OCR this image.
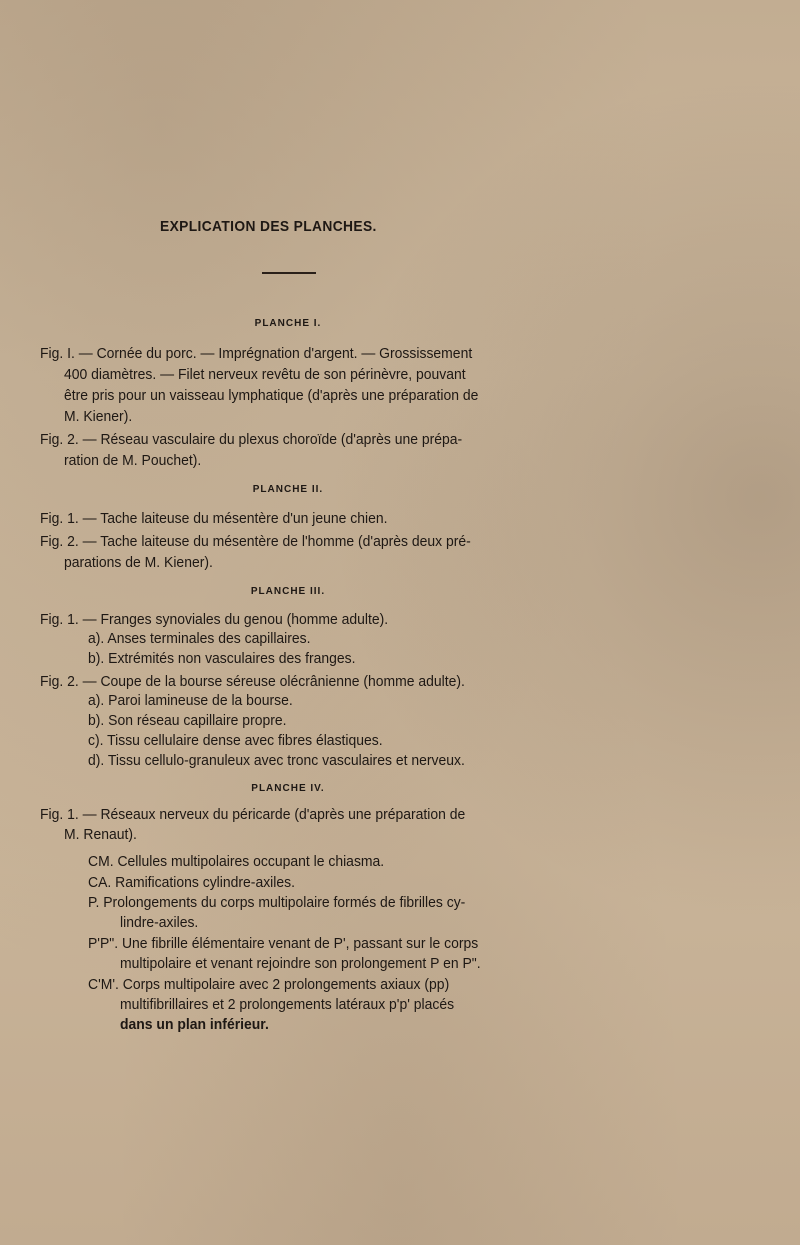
EXPLICATION DES PLANCHES.
PLANCHE I.
Fig. I. — Cornée du porc. — Imprégnation d'argent. — Grossissement
400 diamètres. — Filet nerveux revêtu de son périnèvre, pouvant
être pris pour un vaisseau lymphatique (d'après une préparation de
M. Kiener).
Fig. 2. — Réseau vasculaire du plexus choroïde (d'après une prépa-
ration de M. Pouchet).
PLANCHE II.
Fig. 1. — Tache laiteuse du mésentère d'un jeune chien.
Fig. 2. — Tache laiteuse du mésentère de l'homme (d'après deux pré-
parations de M. Kiener).
PLANCHE III.
Fig. 1. — Franges synoviales du genou (homme adulte).
a). Anses terminales des capillaires.
b). Extrémités non vasculaires des franges.
Fig. 2. — Coupe de la bourse séreuse olécrânienne (homme adulte).
a). Paroi lamineuse de la bourse.
b). Son réseau capillaire propre.
c). Tissu cellulaire dense avec fibres élastiques.
d). Tissu cellulo-granuleux avec tronc vasculaires et nerveux.
PLANCHE IV.
Fig. 1. — Réseaux nerveux du péricarde (d'après une préparation de
M. Renaut).
CM. Cellules multipolaires occupant le chiasma.
CA. Ramifications cylindre-axiles.
P. Prolongements du corps multipolaire formés de fibrilles cy-
lindre-axiles.
P'P". Une fibrille élémentaire venant de P', passant sur le corps
multipolaire et venant rejoindre son prolongement P en P".
C'M'. Corps multipolaire avec 2 prolongements axiaux (pp)
multifibrillaires et 2 prolongements latéraux p'p' placés
dans un plan inférieur.
